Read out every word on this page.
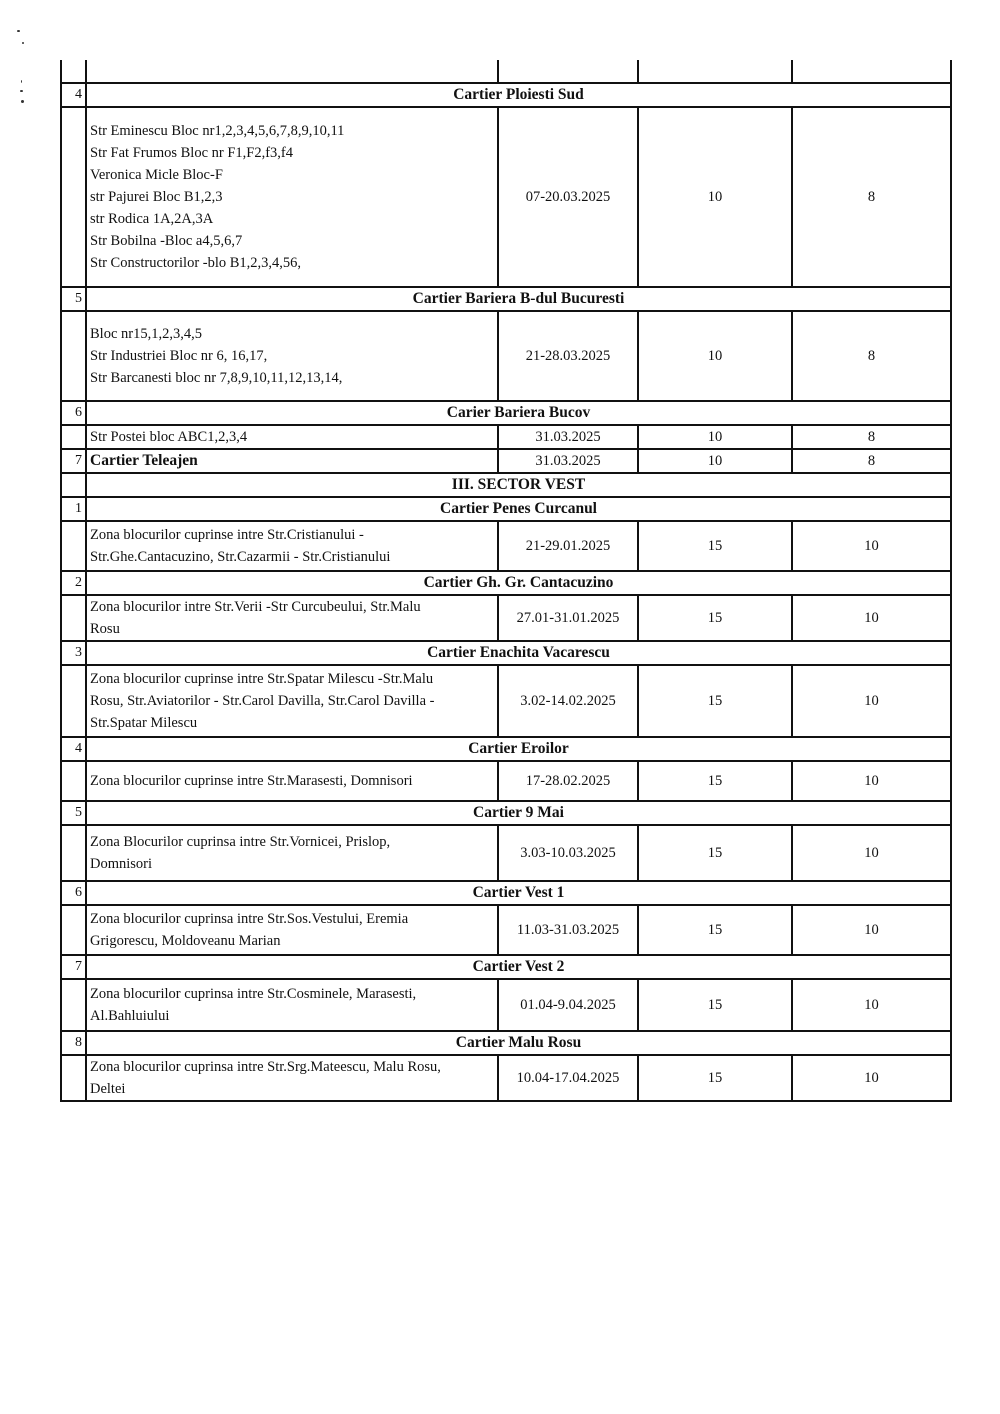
4	Cartier Ploiesti Sud			

Str Eminescu Bloc nr1,2,3,4,5,6,7,8,9,10,11
Str Fat Frumos Bloc nr F1,F2,f3,f4
Veronica Micle Bloc-F
str Pajurei Bloc B1,2,3
str Rodica 1A,2A,3A
Str Bobilna -Bloc a4,5,6,7
Str Constructorilor -blo B1,2,3,4,56,
	07-20.03.2025	10	8
5	Cartier Bariera B-dul Bucuresti			

	Bloc nr15,1,2,3,4,5
Str Industriei Bloc nr 6, 16,17,
Str Barcanesti bloc nr 7,8,9,10,11,12,13,14,	21-28.03.2025	10	8
6	Carier Bariera Bucov			

	Str Postei bloc ABC1,2,3,4	31.03.2025	10	8
7	Cartier Teleajen	31.03.2025	10	8
	III. SECTOR VEST			
1	Cartier Penes Curcanul			

	Zona blocurilor cuprinse intre Str.Cristianului -
Str.Ghe.Cantacuzino, Str.Cazarmii - Str.Cristianului	21-29.01.2025	15	10
2	Cartier Gh. Gr. Cantacuzino			

	Zona blocurilor intre Str.Verii -Str Curcubeului, Str.Malu
Rosu	27.01-31.01.2025	15	10
3	Cartier Enachita Vacarescu			

	Zona blocurilor cuprinse intre Str.Spatar Milescu -Str.Malu
Rosu, Str.Aviatorilor - Str.Carol Davilla, Str.Carol Davilla -
Str.Spatar Milescu	3.02-14.02.2025	15	10
4	Cartier Eroilor			

	Zona blocurilor cuprinse intre Str.Marasesti, Domnisori	17-28.02.2025	15	10
5	Cartier 9 Mai			

	Zona Blocurilor cuprinsa intre Str.Vornicei, Prislop,
Domnisori	3.03-10.03.2025	15	10
6	Cartier Vest 1			

	Zona blocurilor cuprinsa intre Str.Sos.Vestului, Eremia
Grigorescu, Moldoveanu Marian	11.03-31.03.2025	15	10
7	Cartier Vest 2			

	Zona blocurilor cuprinsa intre Str.Cosminele, Marasesti,
Al.Bahluiului	01.04-9.04.2025	15	10
8	Cartier Malu Rosu			

	Zona blocurilor cuprinsa intre Str.Srg.Mateescu, Malu Rosu,
Deltei	10.04-17.04.2025	15	10
